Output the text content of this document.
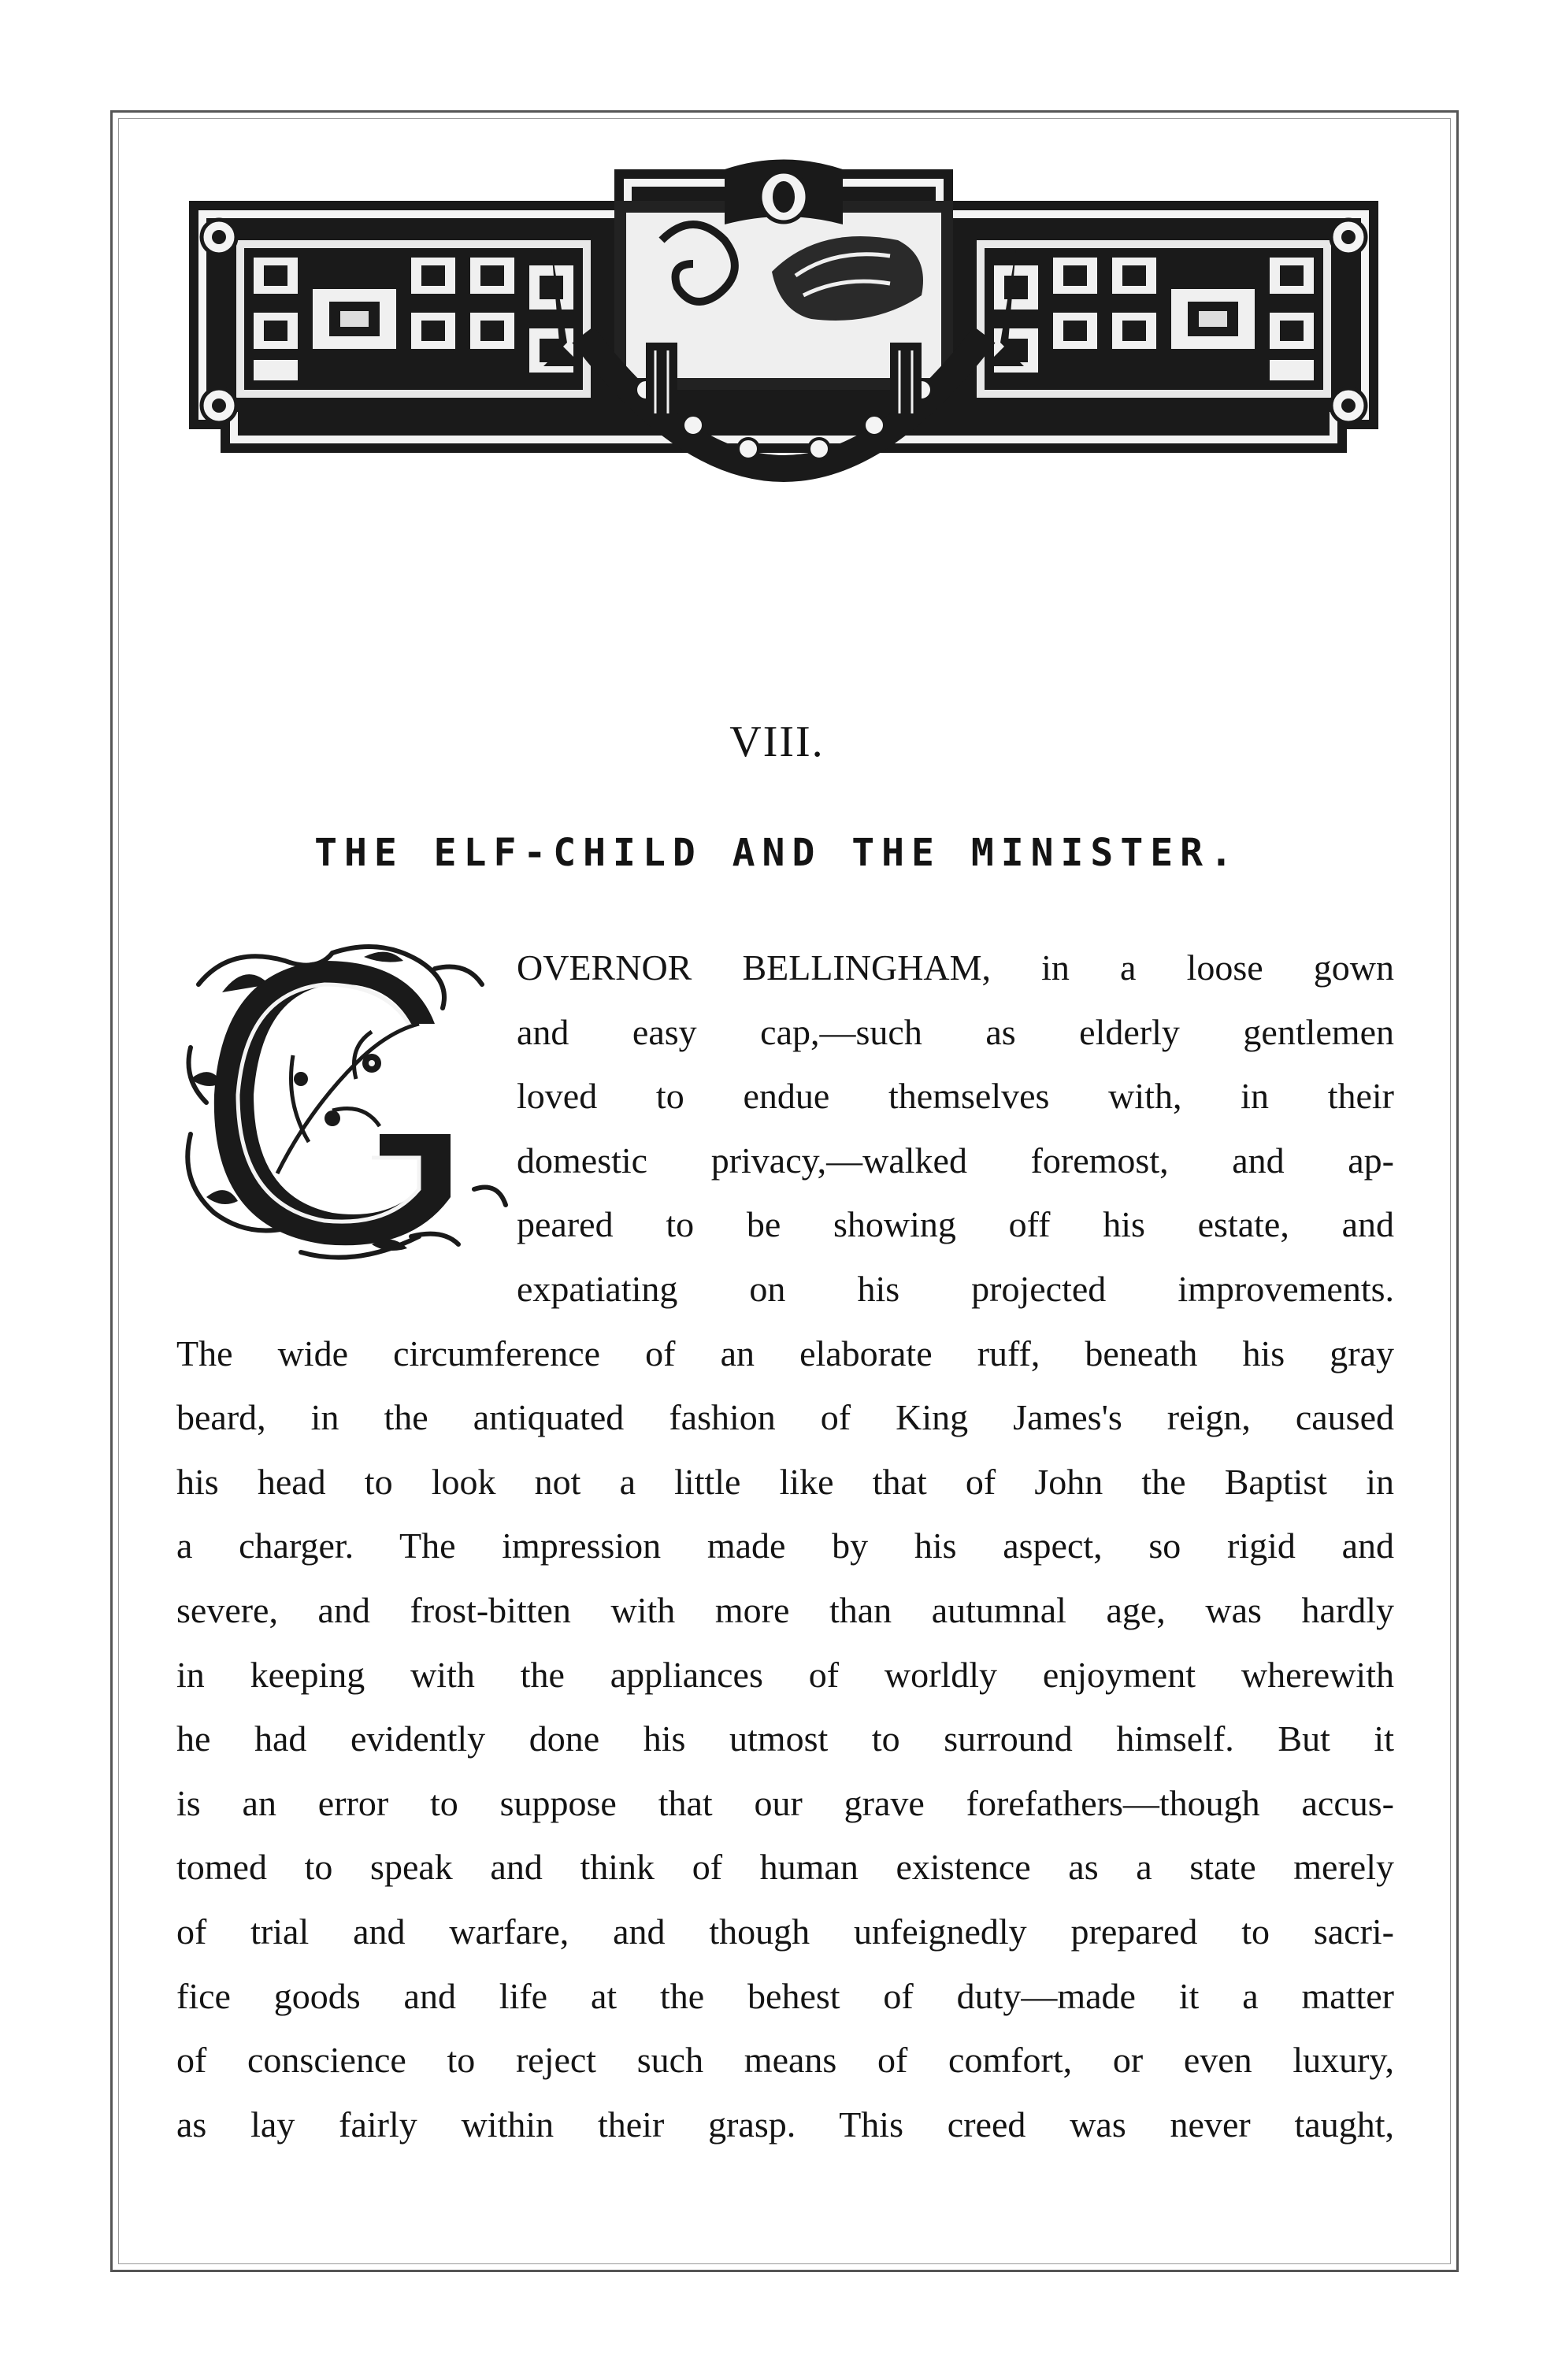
VIII.
THE ELF-CHILD AND THE MINISTER.
OVERNOR BELLINGHAM, in a loose gown
and easy cap,—such as elderly gentlemen
loved to endue themselves with, in their
domestic privacy,—walked foremost, and ap-
peared to be showing off his estate, and
expatiating on his projected improvements.
The wide circumference of an elaborate ruff, beneath his gray
beard, in the antiquated fashion of King James's reign, caused
his head to look not a little like that of John the Baptist in
a charger. The impression made by his aspect, so rigid and
severe, and frost-bitten with more than autumnal age, was hardly
in keeping with the appliances of worldly enjoyment wherewith
he had evidently done his utmost to surround himself. But it
is an error to suppose that our grave forefathers—though accus-
tomed to speak and think of human existence as a state merely
of trial and warfare, and though unfeignedly prepared to sacri-
fice goods and life at the behest of duty—made it a matter
of conscience to reject such means of comfort, or even luxury,
as lay fairly within their grasp. This creed was never taught,
